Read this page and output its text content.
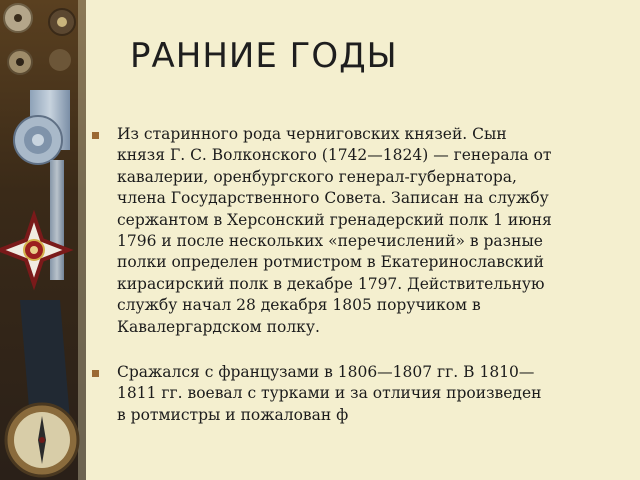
РАННИЕ ГОДЫ

Из старинного рода черниговских князей. Сын князя Г. С. Волконского (1742—1824) — генерала от кавалерии, оренбургского генерал-губернатора, члена Государственного Совета. Записан на службу сержантом в Херсонский гренадерский полк 1 июня 1796 и после нескольких «перечислений» в разные полки определен ротмистром в Екатеринославский кирасирский полк в декабре 1797. Действительную службу начал 28 декабря 1805 поручиком в Кавалергардском полку.

Сражался с французами в 1806—1807 гг. В 1810—1811 гг. воевал с турками и за отличия произведен в ротмистры и пожалован ф
